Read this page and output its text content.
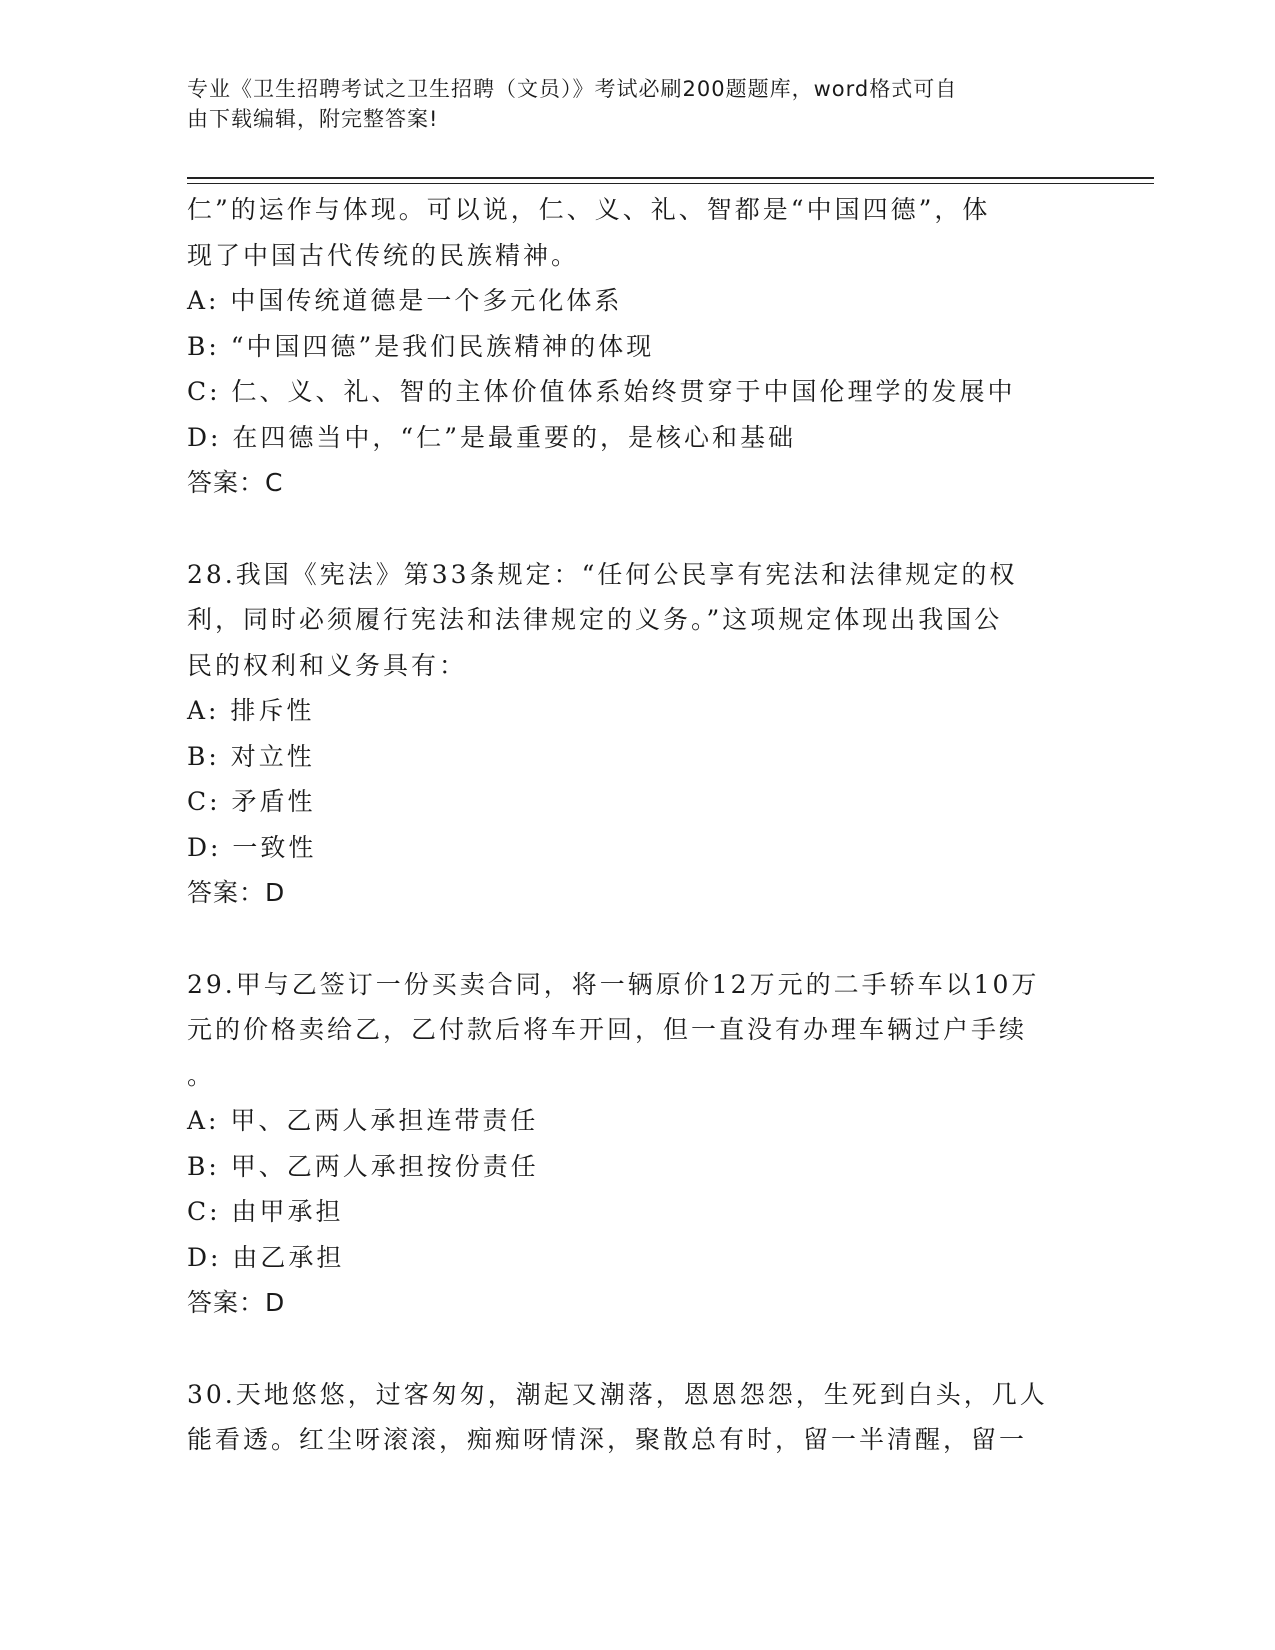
专业《卫生招聘考试之卫生招聘（文员）》考试必刷200题题库，word格式可自
由下载编辑，附完整答案!
仁”的运作与体现。可以说，仁、义、礼、智都是“中国四德”，体
现了中国古代传统的民族精神。
A: 中国传统道德是一个多元化体系
B: “中国四德”是我们民族精神的体现
C: 仁、义、礼、智的主体价值体系始终贯穿于中国伦理学的发展中
D: 在四德当中，“仁”是最重要的，是核心和基础
答案：C
28.我国《宪法》第33条规定：“任何公民享有宪法和法律规定的权
利，同时必须履行宪法和法律规定的义务。”这项规定体现出我国公
民的权利和义务具有：
A: 排斥性
B: 对立性
C: 矛盾性
D: 一致性
答案：D
29.甲与乙签订一份买卖合同，将一辆原价12万元的二手轿车以10万
元的价格卖给乙，乙付款后将车开回，但一直没有办理车辆过户手续
。
A: 甲、乙两人承担连带责任
B: 甲、乙两人承担按份责任
C: 由甲承担
D: 由乙承担
答案：D
30.天地悠悠，过客匆匆，潮起又潮落，恩恩怨怨，生死到白头，几人
能看透。红尘呀滚滚，痴痴呀情深，聚散总有时，留一半清醒，留一
